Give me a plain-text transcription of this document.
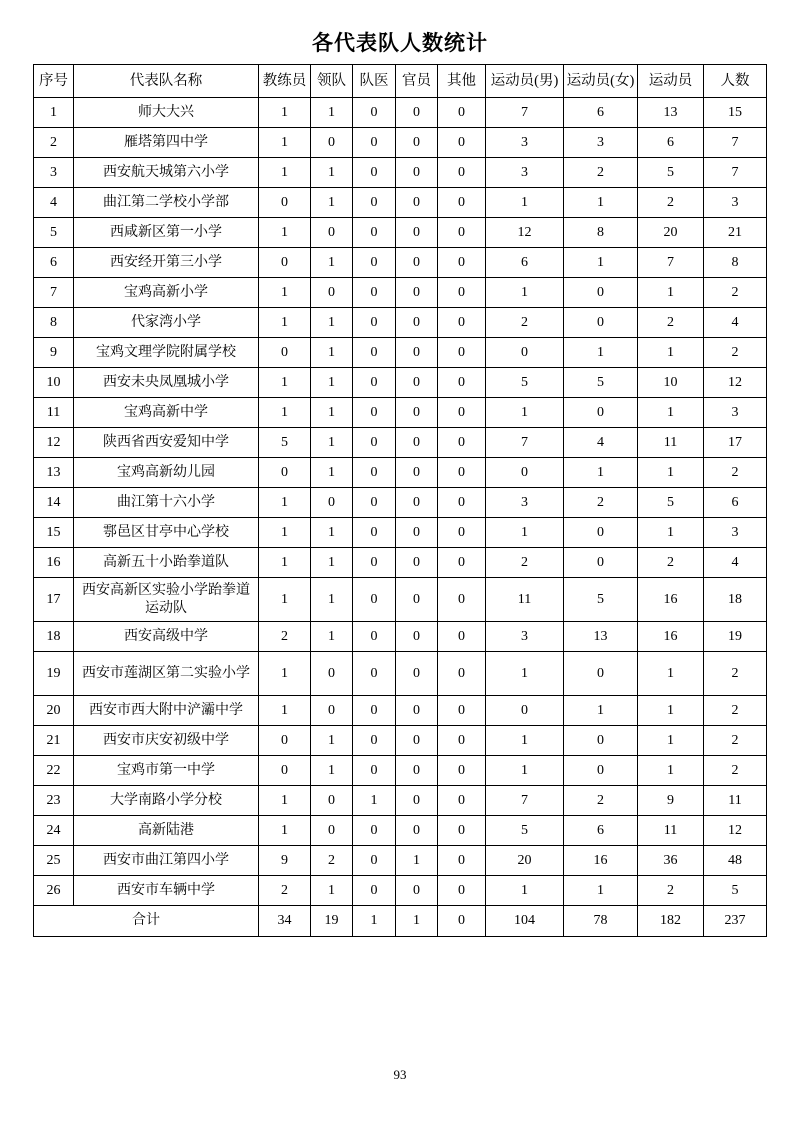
各代表队人数统计
序号	代表队名称	教练员	领队	队医	官员	其他	运动员(男)	运动员(女)	运动员	人数
1	师大大兴	1	1	0	0	0	7	6	13	15
2	雁塔第四中学	1	0	0	0	0	3	3	6	7
3	西安航天城第六小学	1	1	0	0	0	3	2	5	7
4	曲江第二学校小学部	0	1	0	0	0	1	1	2	3
5	西咸新区第一小学	1	0	0	0	0	12	8	20	21
6	西安经开第三小学	0	1	0	0	0	6	1	7	8
7	宝鸡高新小学	1	0	0	0	0	1	0	1	2
8	代家湾小学	1	1	0	0	0	2	0	2	4
9	宝鸡文理学院附属学校	0	1	0	0	0	0	1	1	2
10	西安未央凤凰城小学	1	1	0	0	0	5	5	10	12
11	宝鸡高新中学	1	1	0	0	0	1	0	1	3
12	陕西省西安爱知中学	5	1	0	0	0	7	4	11	17
13	宝鸡高新幼儿园	0	1	0	0	0	0	1	1	2
14	曲江第十六小学	1	0	0	0	0	3	2	5	6
15	鄠邑区甘亭中心学校	1	1	0	0	0	1	0	1	3
16	高新五十小跆拳道队	1	1	0	0	0	2	0	2	4
17	西安高新区实验小学跆拳道运动队	1	1	0	0	0	11	5	16	18
18	西安高级中学	2	1	0	0	0	3	13	16	19
19	西安市莲湖区第二实验小学	1	0	0	0	0	1	0	1	2
20	西安市西大附中浐灞中学	1	0	0	0	0	0	1	1	2
21	西安市庆安初级中学	0	1	0	0	0	1	0	1	2
22	宝鸡市第一中学	0	1	0	0	0	1	0	1	2
23	大学南路小学分校	1	0	1	0	0	7	2	9	11
24	高新陆港	1	0	0	0	0	5	6	11	12
25	西安市曲江第四小学	9	2	0	1	0	20	16	36	48
26	西安市车辆中学	2	1	0	0	0	1	1	2	5
合计		34	19	1	1	0	104	78	182	237
93
